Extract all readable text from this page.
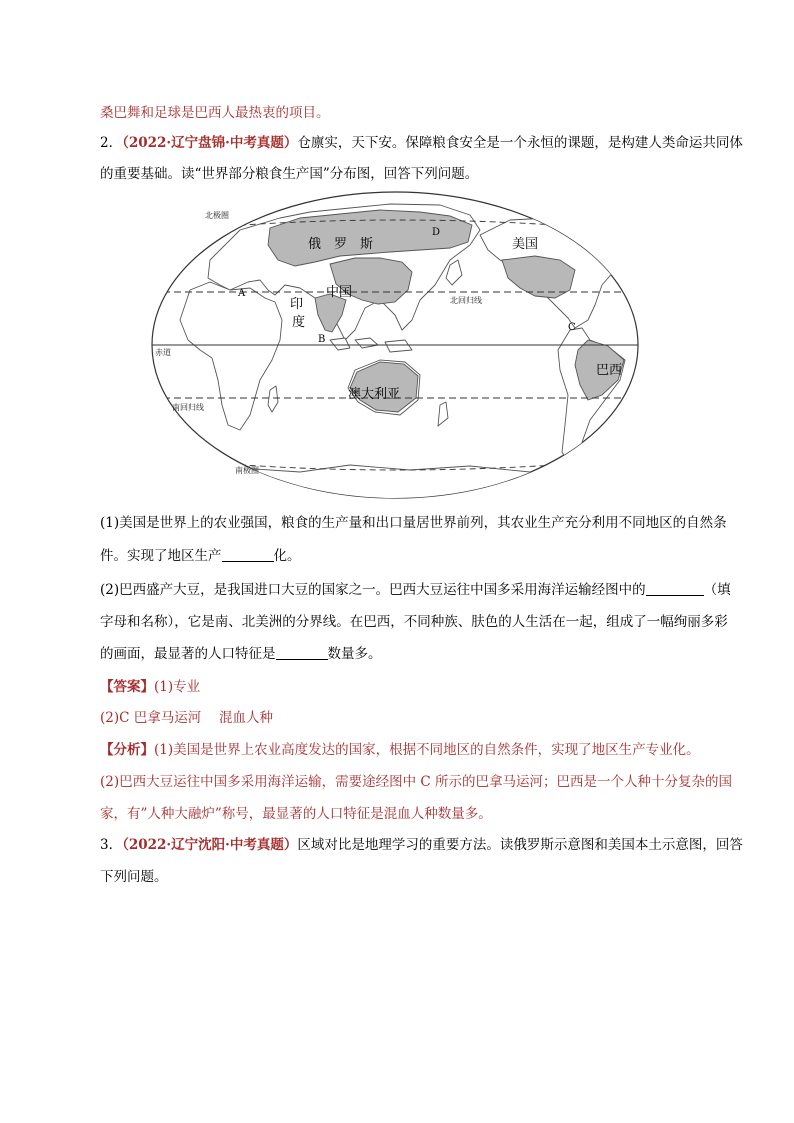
桑巴舞和足球是巴西人最热衷的项目。
2．（2022·辽宁盘锦·中考真题）仓廪实，天下安。保障粮食安全是一个永恒的课题，是构建人类命运共同体
的重要基础。读“世界部分粮食生产国”分布图，回答下列问题。
北极圈
北回归线
赤道
南回归线
南极圈
俄　罗　斯
中国
印
度
美国
巴西
澳大利亚
A
B
C
D
(1)美国是世界上的农业强国，粮食的生产量和出口量居世界前列，其农业生产充分利用不同地区的自然条
件。实现了地区生产	化。
(2)巴西盛产大豆，是我国进口大豆的国家之一。巴西大豆运往中国多采用海洋运输经图中的	（填
字母和名称），它是南、北美洲的分界线。在巴西，不同种族、肤色的人生活在一起，组成了一幅绚丽多彩
的画面，最显著的人口特征是	数量多。
【答案】(1)专业
(2)C 巴拿马运河　 混血人种
【分析】(1)美国是世界上农业高度发达的国家，根据不同地区的自然条件，实现了地区生产专业化。
(2)巴西大豆运往中国多采用海洋运输，需要途经图中 C 所示的巴拿马运河；巴西是一个人种十分复杂的国
家，有”人种大融炉”称号，最显著的人口特征是混血人种数量多。
3．（2022·辽宁沈阳·中考真题）区域对比是地理学习的重要方法。读俄罗斯示意图和美国本土示意图，回答
下列问题。
